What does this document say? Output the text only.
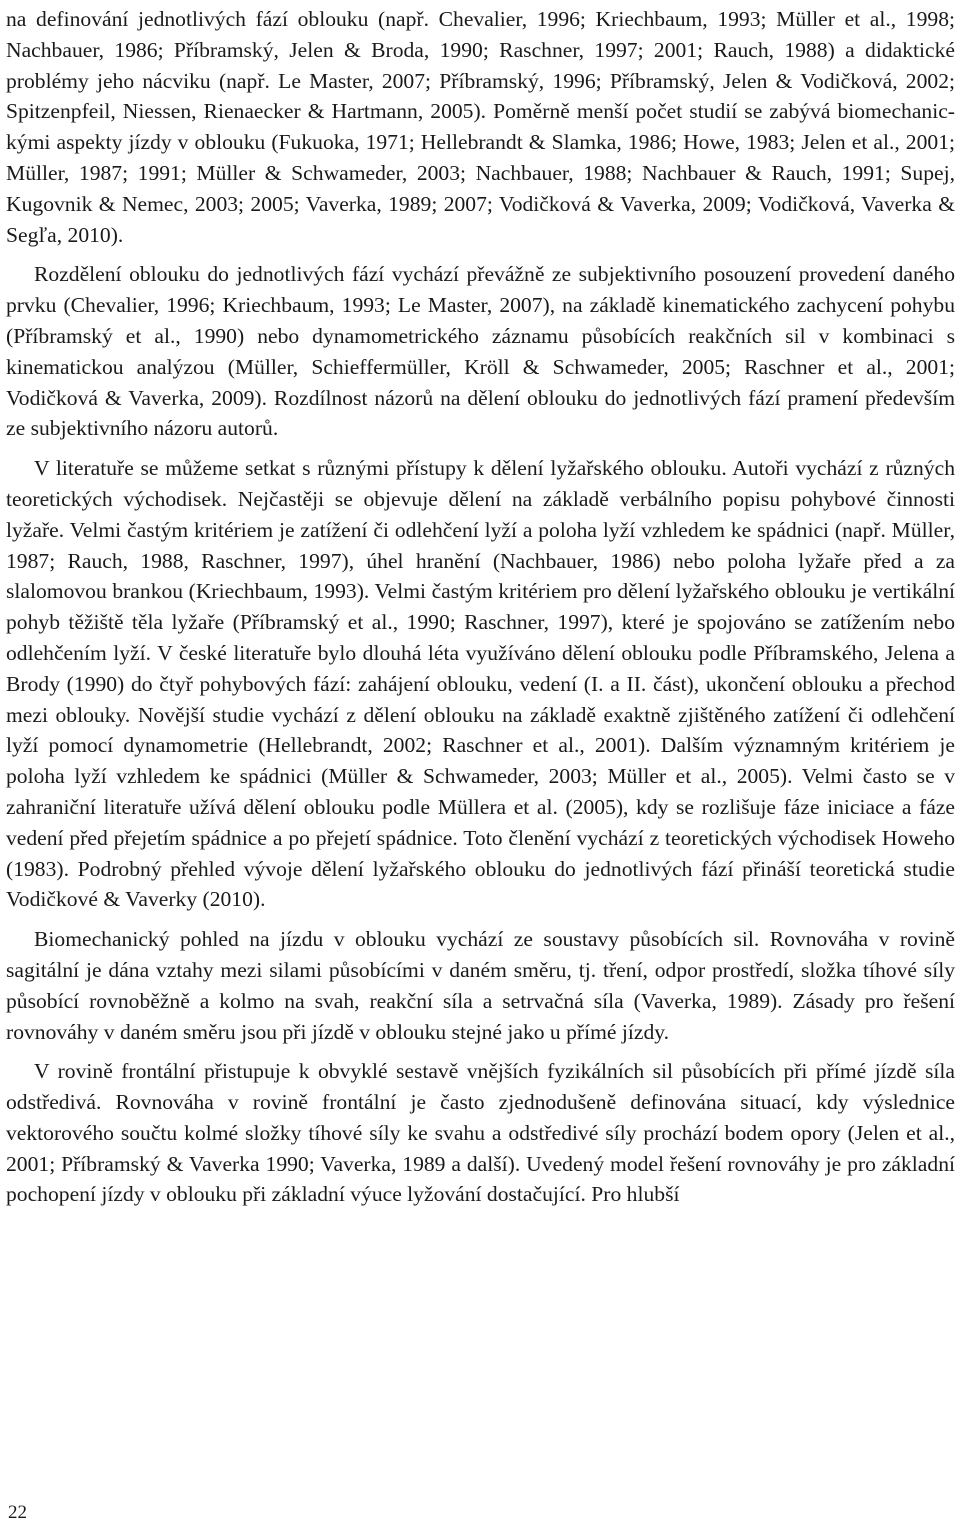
na definování jednotlivých fází oblouku (např. Chevalier, 1996; Kriechbaum, 1993; Müller et al., 1998; Nachbauer, 1986; Příbramský, Jelen & Broda, 1990; Raschner, 1997; 2001; Rauch, 1988) a didaktické problémy jeho nácviku (např. Le Master, 2007; Příbramský, 1996; Příbramský, Jelen & Vodičková, 2002; Spitzenpfeil, Niessen, Rienaecker & Hartmann, 2005). Poměrně menší počet studií se zabývá biomechanickými aspekty jízdy v oblouku (Fukuoka, 1971; Hellebrandt & Slamka, 1986; Howe, 1983; Jelen et al., 2001; Müller, 1987; 1991; Müller & Schwameder, 2003; Nachbauer, 1988; Nachbauer & Rauch, 1991; Supej, Kugovnik & Nemec, 2003; 2005; Vaverka, 1989; 2007; Vodičková & Vaverka, 2009; Vodičková, Vaverka & Segľa, 2010).

Rozdělení oblouku do jednotlivých fází vychází převážně ze subjektivního posouzení provedení daného prvku (Chevalier, 1996; Kriechbaum, 1993; Le Master, 2007), na základě kinematického zachycení pohybu (Příbramský et al., 1990) nebo dynamometrického záznamu působících reakčních sil v kombinaci s kinematickou analýzou (Müller, Schieffermüller, Kröll & Schwameder, 2005; Raschner et al., 2001; Vodičková & Vaverka, 2009). Rozdílnost názorů na dělení oblouku do jednotlivých fází pramení především ze subjektivního názoru autorů.

V literatuře se můžeme setkat s různými přístupy k dělení lyžařského oblouku. Autoři vychází z různých teoretických východisek. Nejčastěji se objevuje dělení na základě verbálního popisu pohybové činnosti lyžaře. Velmi častým kritériem je zatížení či odlehčení lyží a poloha lyží vzhledem ke spádnici (např. Müller, 1987; Rauch, 1988, Raschner, 1997), úhel hranění (Nachbauer, 1986) nebo poloha lyžaře před a za slalomovou brankou (Kriechbaum, 1993). Velmi častým kritériem pro dělení lyžařského oblouku je vertikální pohyb těžiště těla lyžaře (Příbramský et al., 1990; Raschner, 1997), které je spojováno se zatížením nebo odlehčením lyží. V české literatuře bylo dlouhá léta využíváno dělení oblouku podle Příbramského, Jelena a Brody (1990) do čtyř pohybových fází: zahájení oblouku, vedení (I. a II. část), ukončení oblouku a přechod mezi oblouky. Novější studie vychází z dělení oblouku na základě exaktně zjištěného zatížení či odlehčení lyží pomocí dynamometrie (Hellebrandt, 2002; Raschner et al., 2001). Dalším významným kritériem je poloha lyží vzhledem ke spádnici (Müller & Schwameder, 2003; Müller et al., 2005). Velmi často se v zahraniční literatuře užívá dělení oblouku podle Müllera et al. (2005), kdy se rozlišuje fáze iniciace a fáze vedení před přejetím spádnice a po přejetí spádnice. Toto členění vychází z teoretických východisek Howeho (1983). Podrobný přehled vývoje dělení lyžařského oblouku do jednotlivých fází přináší teoretická studie Vodičkové & Vaverky (2010).

Biomechanický pohled na jízdu v oblouku vychází ze soustavy působících sil. Rovnováha v rovině sagitální je dána vztahy mezi silami působícími v daném směru, tj. tření, odpor prostředí, složka tíhové síly působící rovnoběžně a kolmo na svah, reakční síla a setrvačná síla (Vaverka, 1989). Zásady pro řešení rovnováhy v daném směru jsou při jízdě v oblouku stejné jako u přímé jízdy.

V rovině frontální přistupuje k obvyklé sestavě vnějších fyzikálních sil působících při přímé jízdě síla odstředivá. Rovnováha v rovině frontální je často zjednodušeně definována situací, kdy výslednice vektorového součtu kolmé složky tíhové síly ke svahu a odstředivé síly prochází bodem opory (Jelen et al., 2001; Příbramský & Vaverka 1990; Vaverka, 1989 a další). Uvedený model řešení rovnováhy je pro základní pochopení jízdy v oblouku při základní výuce lyžování dostačující. Pro hlubší

22
